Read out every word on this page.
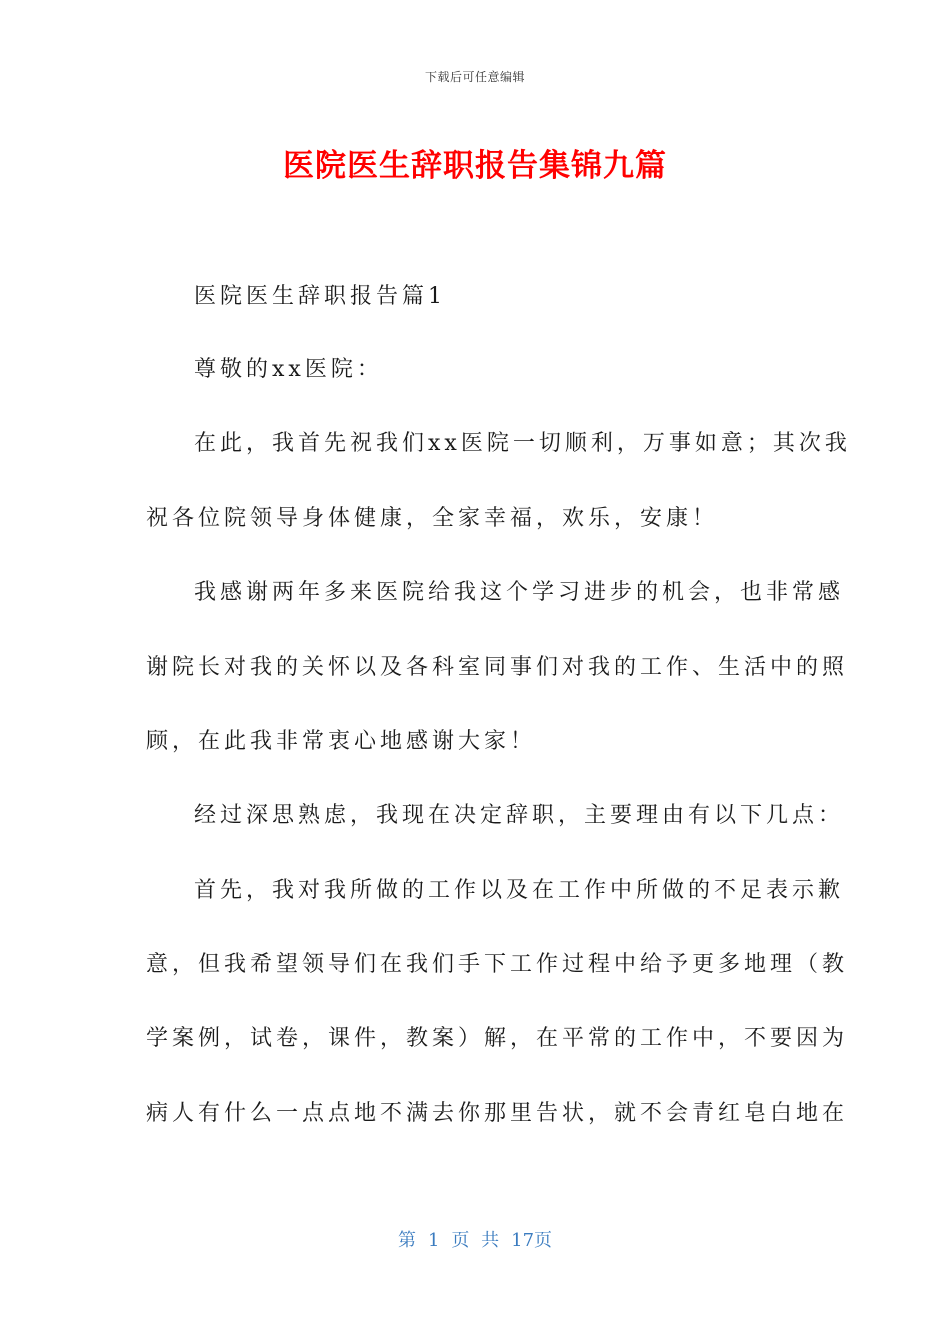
下载后可任意编辑
医院医生辞职报告集锦九篇
医院医生辞职报告篇1
尊敬的xx医院：
在此，我首先祝我们xx医院一切顺利，万事如意；其次我
祝各位院领导身体健康，全家幸福，欢乐，安康！
我感谢两年多来医院给我这个学习进步的机会，也非常感
谢院长对我的关怀以及各科室同事们对我的工作、生活中的照
顾，在此我非常衷心地感谢大家！
经过深思熟虑，我现在决定辞职，主要理由有以下几点：
首先，我对我所做的工作以及在工作中所做的不足表示歉
意，但我希望领导们在我们手下工作过程中给予更多地理（教
学案例，试卷，课件，教案）解，在平常的工作中，不要因为
病人有什么一点点地不满去你那里告状，就不会青红皂白地在
第 1 页 共 17页
